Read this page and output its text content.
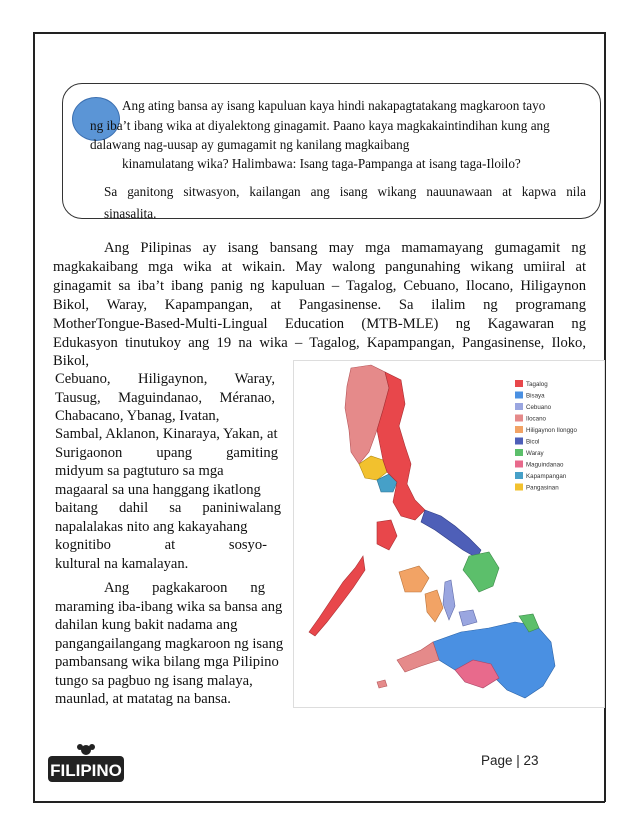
Ang ating bansa ay isang kapuluan kaya hindi nakapagtatakang magkaroon tayo
ng iba’t ibang wika at diyalektong ginagamit. Paano kaya magkakaintindihan kung ang
dalawang nag-uusap ay gumagamit ng kanilang magkaibang
kinamulatang wika? Halimbawa: Isang taga-Pampanga at isang taga-Iloilo?
Sa ganitong sitwasyon, kailangan ang isang wikang nauunawaan at kapwa nila
sinasalita.
Ang Pilipinas ay isang bansang may mga mamamayang gumagamit ng
magkakaibang mga wika at wikain. May walong pangunahing wikang umiiral at
ginagamit sa iba’t ibang panig ng kapuluan – Tagalog, Cebuano, Ilocano, Hiligaynon
Bikol, Waray, Kapampangan, at Pangasinense. Sa ilalim ng programang
MotherTongue-Based-Multi-Lingual Education (MTB-MLE) ng Kagawaran ng
Edukasyon tinutukoy ang 19 na wika – Tagalog, Kapampangan, Pangasinense, Iloko,
Bikol,
Cebuano, Hiligaynon, Waray,
Tausug, Maguindanao, Méranao,
Chabacano, Ybanag, Ivatan,
Sambal, Aklanon, Kinaraya, Yakan, at
Surigaonon upang gamiting
midyum sa pagtuturo sa mga
magaaral sa una hanggang ikatlong
baitang dahil sa paniniwalang
napalalakas nito ang kakayahang
kognitibo at sosyo-
kultural na kamalayan.
Ang pagkakaroon ng
maraming iba-ibang wika sa bansa ang
dahilan kung bakit nadama ang
pangangailangang magkaroon ng isang
pambansang wika bilang mga Pilipino
tungo sa pagbuo ng isang malaya,
maunlad, at matatag na bansa.
Tagalog
Bisaya
Cebuano
Ilocano
Hiligaynon Ilonggo
Bicol
Waray
Maguindanao
Kapampangan
Pangasinan
FILIPINO
Page | 23
